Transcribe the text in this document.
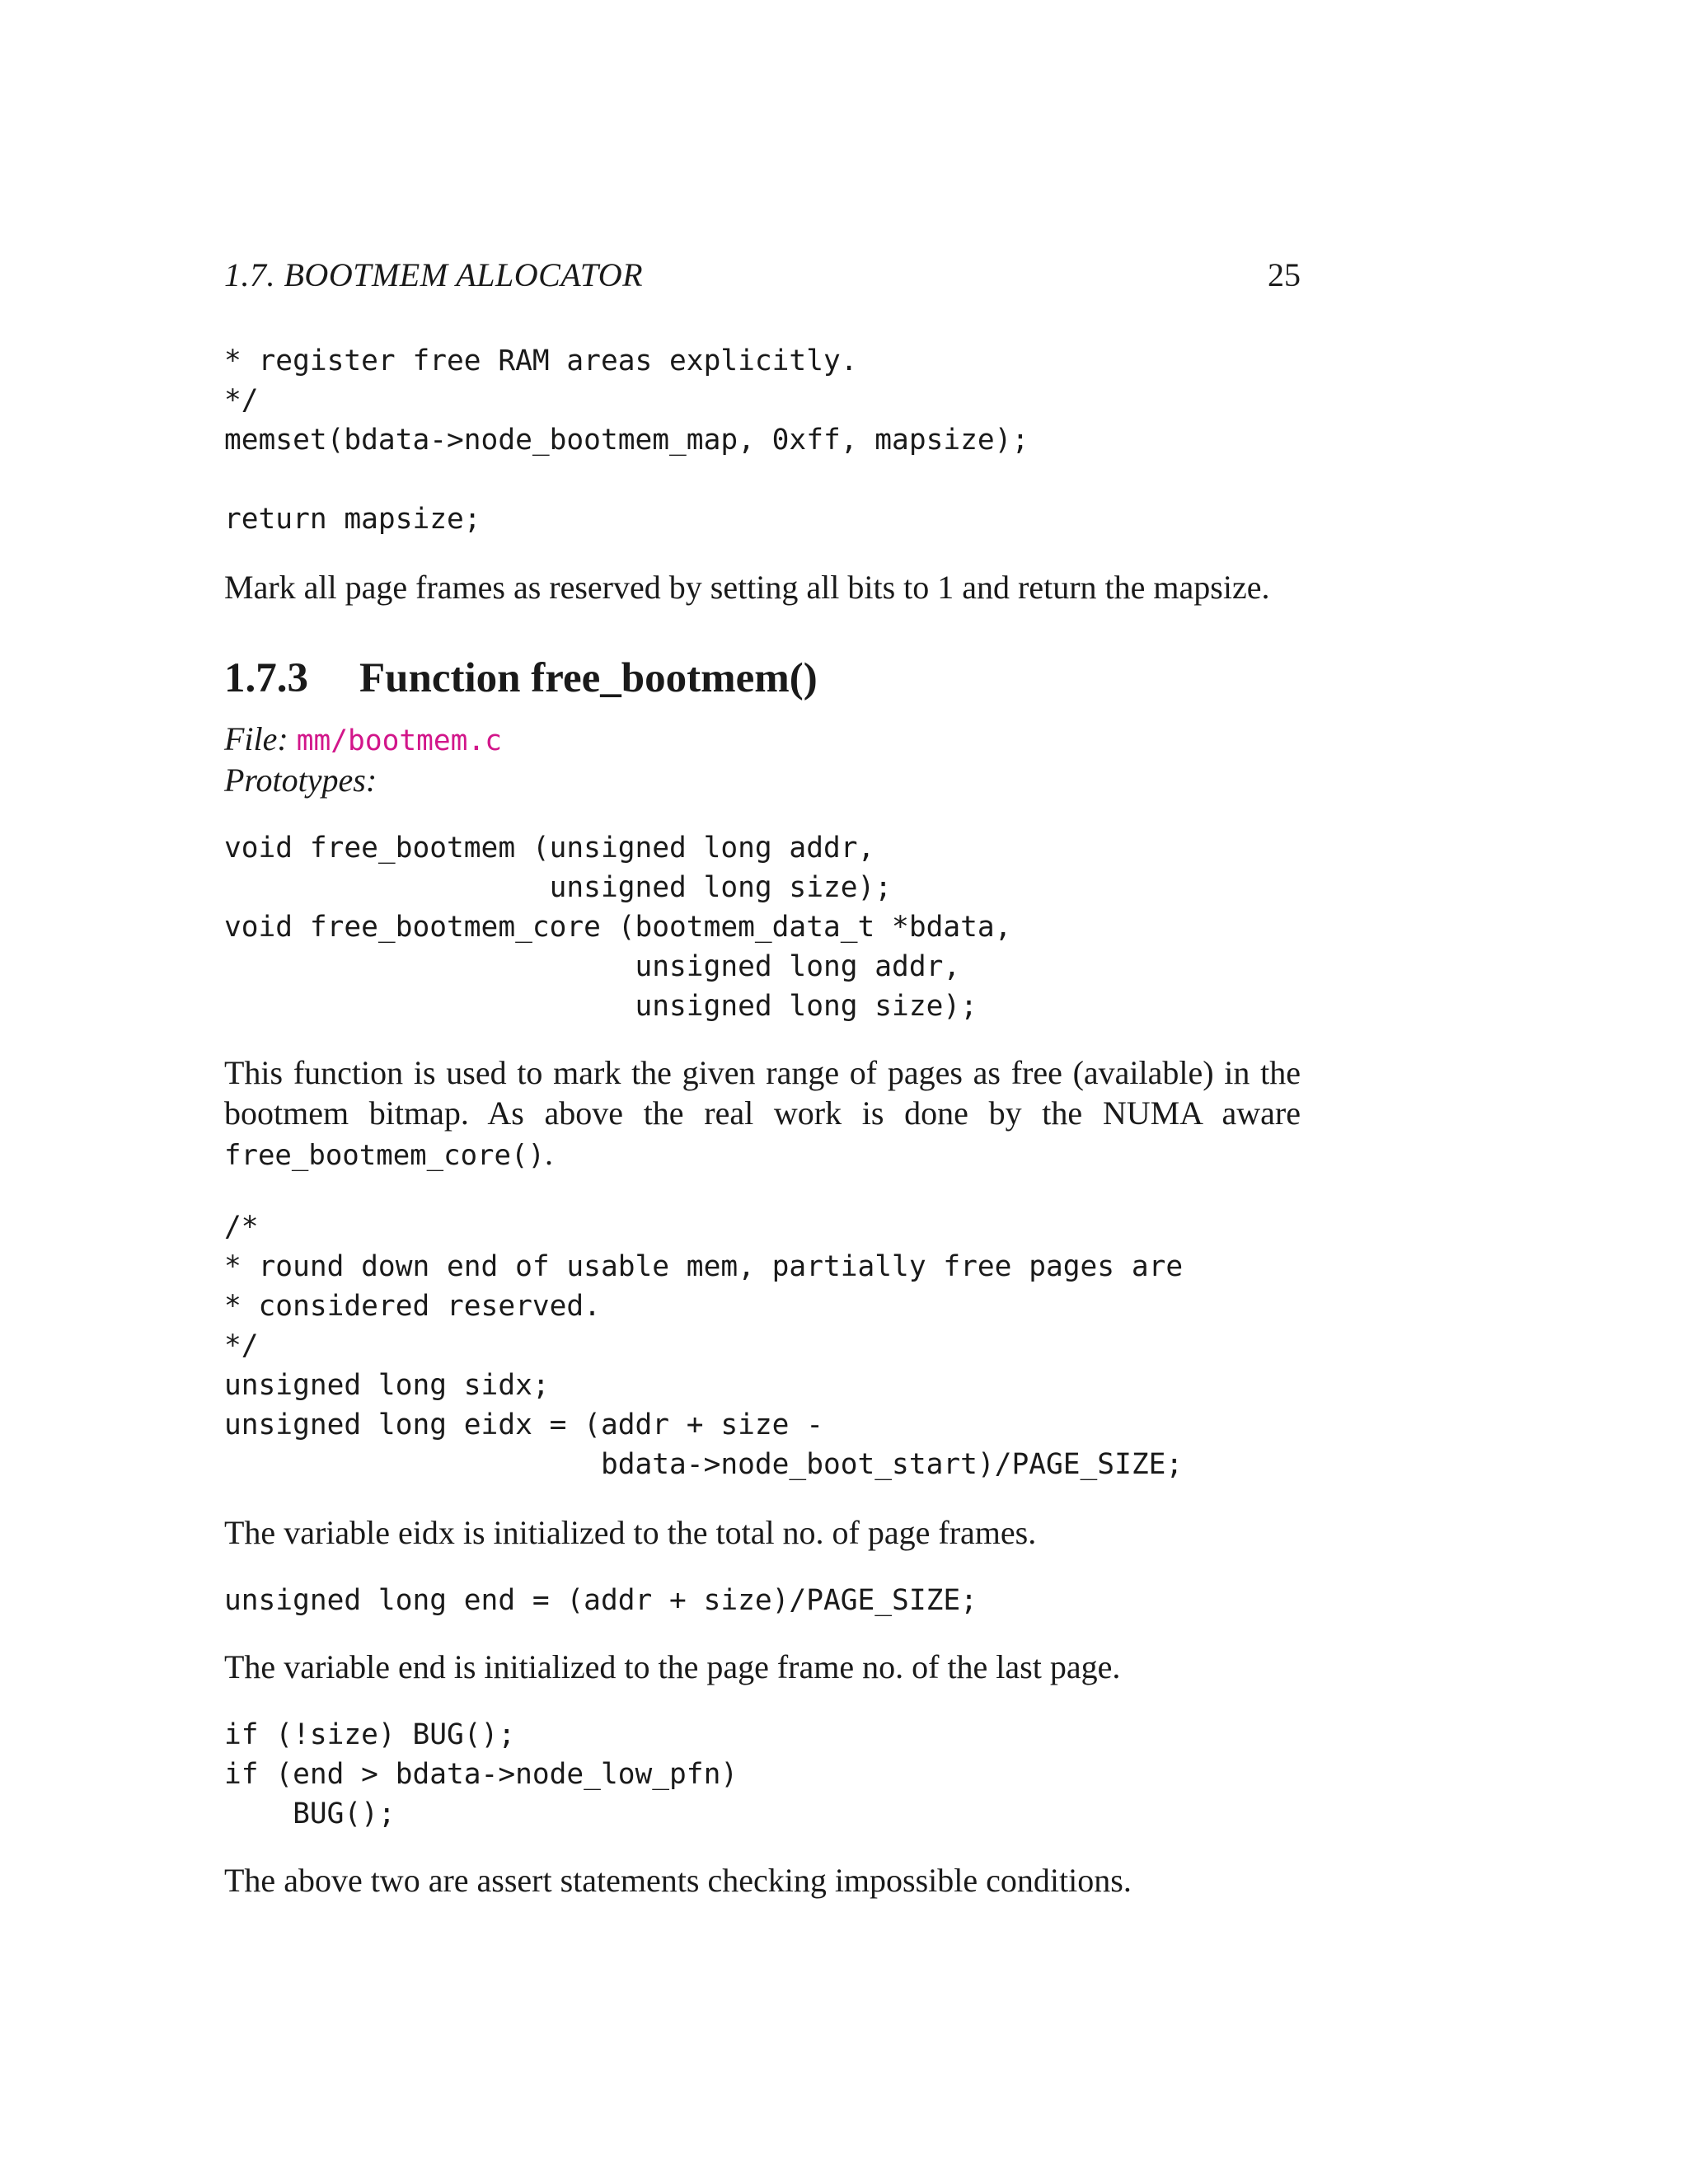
1.7. BOOTMEM ALLOCATOR	25
* register free RAM areas explicitly.
*/
memset(bdata->node_bootmem_map, 0xff, mapsize);

return mapsize;

Mark all page frames as reserved by setting all bits to 1 and return the mapsize.

1.7.3 Function free_bootmem()

File: mm/bootmem.c

Prototypes:

void free_bootmem (unsigned long addr,
unsigned long size);
void free_bootmem_core (bootmem_data_t *bdata,
unsigned long addr,
unsigned long size);

This function is used to mark the given range of pages as free (available) in the bootmem bitmap. As above the real work is done by the NUMA aware free_bootmem_core().

/*
* round down end of usable mem, partially free pages are
* considered reserved.
*/
unsigned long sidx;
unsigned long eidx = (addr + size -
bdata->node_boot_start)/PAGE_SIZE;

The variable eidx is initialized to the total no. of page frames.

unsigned long end = (addr + size)/PAGE_SIZE;

The variable end is initialized to the page frame no. of the last page.

if (!size) BUG();
if (end > bdata->node_low_pfn)
BUG();

The above two are assert statements checking impossible conditions.
